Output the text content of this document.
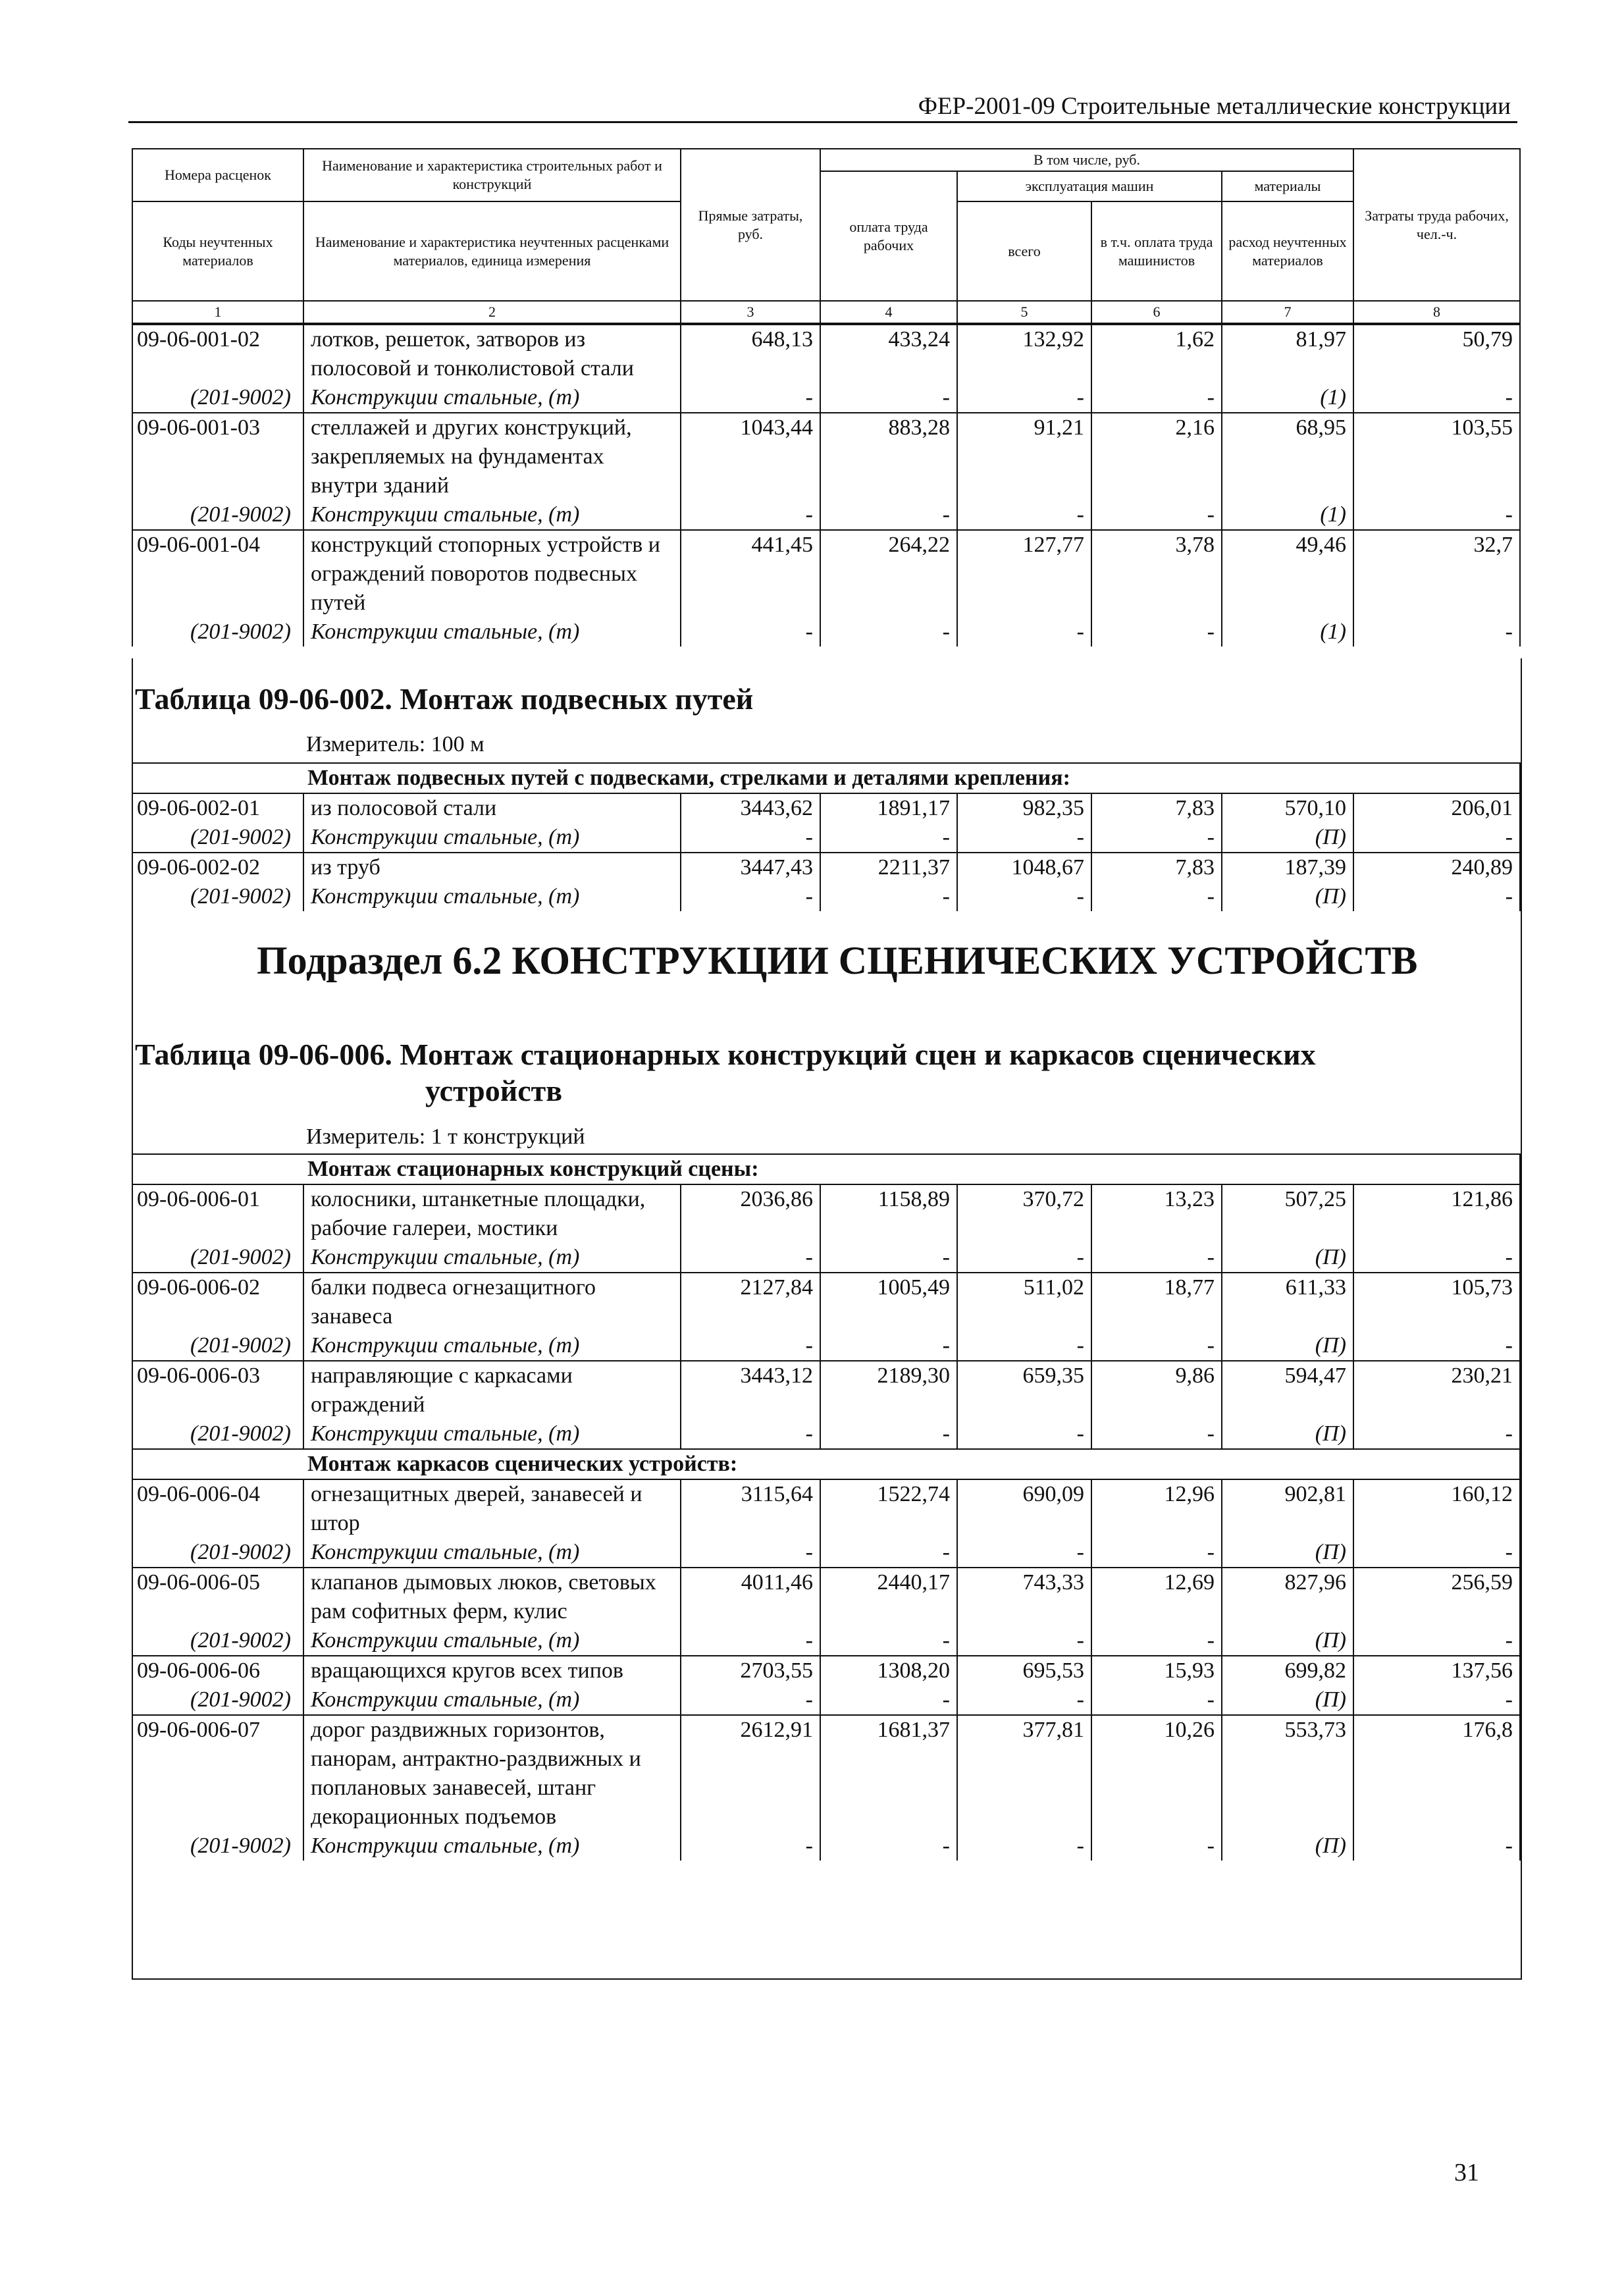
ФЕР-2001-09 Строительные металлические конструкции
Номера расценок	Наименование и характеристика строительных работ и конструкций	Прямые затраты, руб.	В том числе, руб.				Затраты труда рабочих, чел.-ч.
			оплата труда рабочих	эксплуатация машин		материалы	
Коды неучтенных материалов	Наименование и характеристика неучтенных расценками материалов, единица измерения			всего	в т.ч. оплата труда машинистов	расход неучтенных материалов	

1	2	3	4	5	6	7	8
09-06-001-02	лотков, решеток, затворов из полосовой и тонколистовой стали	648,13	433,24	132,92	1,62	81,97	50,79
(201-9002)	Конструкции стальные, (т)	-	-	-	-	(1)	-
09-06-001-03	стеллажей и других конструкций, закрепляемых на фундаментах внутри зданий	1043,44	883,28	91,21	2,16	68,95	103,55
(201-9002)	Конструкции стальные, (т)	-	-	-	-	(1)	-
09-06-001-04	конструкций стопорных устройств и ограждений поворотов подвесных путей	441,45	264,22	127,77	3,78	49,46	32,7
(201-9002)	Конструкции стальные, (т)	-	-	-	-	(1)	-
Таблица 09-06-002. Монтаж подвесных путей
Измеритель: 100 м
	Монтаж подвесных путей с подвесками, стрелками и деталями крепления:						
09-06-002-01	из полосовой стали	3443,62	1891,17	982,35	7,83	570,10	206,01
(201-9002)	Конструкции стальные, (т)	-	-	-	-	(П)	-
09-06-002-02	из труб	3447,43	2211,37	1048,67	7,83	187,39	240,89
(201-9002)	Конструкции стальные, (т)	-	-	-	-	(П)	-
Подраздел 6.2 КОНСТРУКЦИИ СЦЕНИЧЕСКИХ УСТРОЙСТВ
Таблица 09-06-006. Монтаж стационарных конструкций сцен и каркасов сценических
устройств
Измеритель: 1 т конструкций
	Монтаж стационарных конструкций сцены:						
09-06-006-01	колосники, штанкетные площадки, рабочие галереи, мостики	2036,86	1158,89	370,72	13,23	507,25	121,86
(201-9002)	Конструкции стальные, (т)	-	-	-	-	(П)	-
09-06-006-02	балки подвеса огнезащитного занавеса	2127,84	1005,49	511,02	18,77	611,33	105,73
(201-9002)	Конструкции стальные, (т)	-	-	-	-	(П)	-
09-06-006-03	направляющие с каркасами ограждений	3443,12	2189,30	659,35	9,86	594,47	230,21
(201-9002)	Конструкции стальные, (т)	-	-	-	-	(П)	-
	Монтаж каркасов сценических устройств:						
09-06-006-04	огнезащитных дверей, занавесей и штор	3115,64	1522,74	690,09	12,96	902,81	160,12
(201-9002)	Конструкции стальные, (т)	-	-	-	-	(П)	-
09-06-006-05	клапанов дымовых люков, световых рам софитных ферм, кулис	4011,46	2440,17	743,33	12,69	827,96	256,59
(201-9002)	Конструкции стальные, (т)	-	-	-	-	(П)	-
09-06-006-06	вращающихся кругов всех типов	2703,55	1308,20	695,53	15,93	699,82	137,56
(201-9002)	Конструкции стальные, (т)	-	-	-	-	(П)	-
09-06-006-07	дорог раздвижных горизонтов, панорам, антрактно-раздвижных и поплановых занавесей, штанг декорационных подъемов	2612,91	1681,37	377,81	10,26	553,73	176,8
(201-9002)	Конструкции стальные, (т)	-	-	-	-	(П)	-
31
